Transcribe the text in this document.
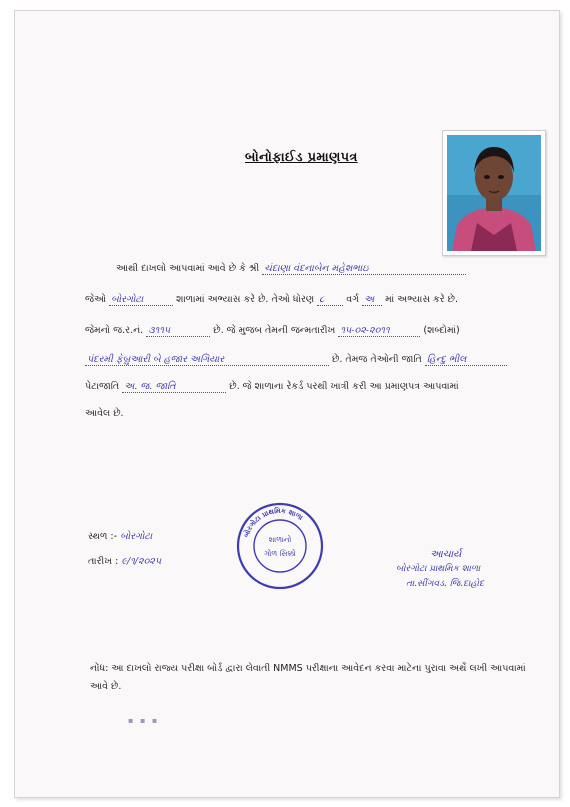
બોનોફાઈડ પ્રમાણપત્ર
આથી દાખલો આપવામાં આવે છે કે શ્રી ચંદાણા વંદનાબેન મહેશભાઇ
જેઓ બોરગોટા	શાળામાં અભ્યાસ કરે છે. તેઓ ધોરણ ૮ વર્ગ અ માં અભ્યાસ કરે છે.
જેમનો જ.ર.નં. ૩૧૧૫	છે. જે મુજબ તેમની જન્મતારીખ ૧૫-૦૨-૨૦૧૧	(શબ્દોમાં)
પંદરમી ફેબ્રુઆરી બે હજાર અગિયાર	છે. તેમજ તેઓની જાતિ હિન્દુ ભીલ
પેટાજાતિ અ. જ. જાતિ	છે. જે શાળાના રેકર્ડ પરથી ખાત્રી કરી આ પ્રમાણપત્ર આપવામાં
આવેલ છે.
સ્થળ :- બોરગોટા
તારીખ : ૯/૧/૨૦૨૫
બોરગોટા પ્રાથમિક શાળા
શાળાનો
ગોળ સિક્કો	આચાર્ય
બોરગોટા પ્રાથમિક શાળા
તા.સીંગવડ. જિ.દાહોદ
નોંધ: આ દાખલો રાજ્ય પરીક્ષા બોર્ડ દ્વારા લેવાતી NMMS પરીક્ષાના આવેદન કરવા માટેના પુરાવા અર્થે લખી આપવામાં આવે છે.
▪ ▪ ▪
